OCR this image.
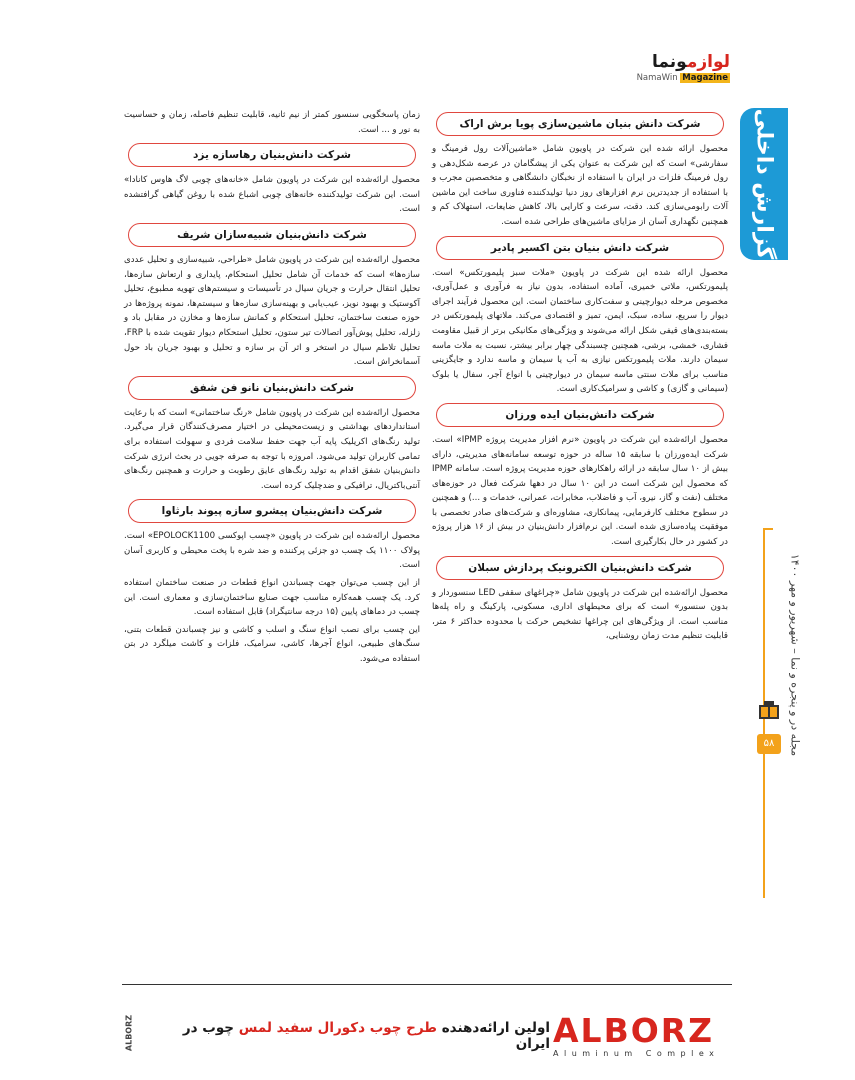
لوازمونما
NamaWin Magazine
گزارش داخلی
مجله در و پنجره و نما – شهریور و مهر ۱۴۰۰
۵۸
شرکت دانش بنیان ماشین‌سازی پویا برش اراک

محصول ارائه شده این شرکت در پاویون شامل «ماشین‌آلات رول فرمینگ و سفارشی» است که این شرکت به عنوان یکی از پیشگامان در عرصه شکل‌دهی و رول فرمینگ فلزات در ایران با استفاده از نخبگان دانشگاهی و متخصصین مجرب و با استفاده از جدیدترین نرم افزارهای روز دنیا تولیدکننده فناوری ساخت این ماشین آلات رابومی‌سازی کند. دقت، سرعت و کارایی بالا، کاهش ضایعات، استهلاک کم و همچنین نگهداری آسان از مزایای ماشین‌های طراحی شده است.

شرکت دانش بنیان بتن اکسیر پادیر

محصول ارائه شده این شرکت در پاویون «ملات سبز پلیمورتکس» است. پلیمورتکس، ملاتی خمیری، آماده استفاده، بدون نیاز به فرآوری و عمل‌آوری، مخصوص مرحله دیوارچینی و سفت‌کاری ساختمان است. این محصول فرآیند اجرای دیوار را سریع، ساده، سبک، ایمن، تمیز و اقتصادی می‌کند. ملاتهای پلیمورتکس در بسته‌بندی‌های قیفی شکل ارائه می‌شوند و ویژگی‌های مکانیکی برتر از قبیل مقاومت فشاری، خمشی، برشی، همچنین چسبندگی چهار برابر بیشتر، نسبت به ملات ماسه سیمان دارند. ملات پلیمورتکس نیازی به آب یا سیمان و ماسه ندارد و جایگزینی مناسب برای ملات سنتی ماسه سیمان در دیوارچینی با انواع آجر، سفال یا بلوک (سیمانی و گازی) و کاشی و سرامیک‌کاری است.

شرکت دانش‌بنیان ایده ورزان

محصول ارائه‌شده این شرکت در پاویون «نرم افزار مدیریت پروژه IPMP» است. شرکت ایده‌ورزان با سابقه ۱۵ ساله در حوزه توسعه سامانه‌های مدیریتی، دارای بیش از ۱۰ سال سابقه در ارائه راهکارهای حوزه مدیریت پروژه است. سامانه IPMP که محصول این شرکت است در این ۱۰ سال در دهها شرکت فعال در حوزه‌های مختلف (نفت و گاز، نیرو، آب و فاضلاب، مخابرات، عمرانی، خدمات و ...) و همچنین در سطوح مختلف کارفرمایی، پیمانکاری، مشاوره‌ای و شرکت‌های صادر تخصصی با موفقیت پیاده‌سازی شده است. این نرم‌افزار دانش‌بنیان در بیش از ۱۶ هزار پروژه در کشور در حال بکارگیری است.

شرکت دانش‌بنیان الکترونیک پردازش سبلان

محصول ارائه‌شده این شرکت در پاویون شامل «چراغهای سقفی LED سنسوردار و بدون سنسور» است که برای محیطهای اداری، مسکونی، پارکینگ و راه پله‌ها مناسب است. از ویژگی‌های این چراغها تشخیص حرکت با محدوده حداکثر ۶ متر، قابلیت تنظیم مدت زمان روشنایی،

زمان پاسخگویی سنسور کمتر از نیم ثانیه، قابلیت تنظیم فاصله، زمان و حساسیت به نور و ... است.

شرکت دانش‌بنیان رهاسازه یزد

محصول ارائه‌شده این شرکت در پاویون شامل «خانه‌های چوبی لاگ هاوس کانادا» است. این شرکت تولیدکننده خانه‌های چوبی اشباع شده با روغن گیاهی گرافتشده است.

شرکت دانش‌بنیان شبیه‌سازان شریف

محصول ارائه‌شده این شرکت در پاویون شامل «طراحی، شبیه‌سازی و تحلیل عددی سازه‌ها» است که خدمات آن شامل تحلیل استحکام، پایداری و ارتعاش سازه‌ها، تحلیل انتقال حرارت و جریان سیال در تأسیسات و سیستم‌های تهویه مطبوع، تحلیل آکوستیک و بهبود نویز، عیب‌یابی و بهینه‌سازی سازه‌ها و سیستم‌ها، نمونه پروژه‌ها در حوزه صنعت ساختمان، تحلیل استحکام و کمانش سازه‌ها و مخازن در مقابل باد و زلزله، تحلیل پوش‌آور اتصالات تیر ستون، تحلیل استحکام دیوار تقویت شده با FRP، تحلیل تلاطم سیال در استخر و اثر آن بر سازه و تحلیل و بهبود جریان باد حول آسمانخراش است.

شرکت دانش‌بنیان نانو فن شفق

محصول ارائه‌شده این شرکت در پاویون شامل «رنگ ساختمانی» است که با رعایت استانداردهای بهداشتی و زیست‌محیطی در اختیار مصرف‌کنندگان قرار می‌گیرد. تولید رنگ‌های اکریلیک پایه آب جهت حفظ سلامت فردی و سهولت استفاده برای تمامی کاربران تولید می‌شود. امروزه با توجه به صرفه جویی در بحث انرژی شرکت دانش‌بنیان شفق اقدام به تولید رنگ‌های عایق رطوبت و حرارت و همچنین رنگ‌های آنتی‌باکتریال، ترافیکی و ضدچلیک کرده است.

شرکت دانش‌بنیان پیشرو سازه پیوند بارثاوا

محصول ارائه‌شده این شرکت در پاویون «چسب اپوکسی EPOLOCK1100» است. پولاک ۱۱۰۰ یک چسب دو جزئی پرکننده و ضد شره با پخت محیطی و کاربری آسان است.

از این چسب می‌توان جهت چسباندن انواع قطعات در صنعت ساختمان استفاده کرد. یک چسب همه‌کاره مناسب جهت صنایع ساختمان‌سازی و معماری است. این چسب در دماهای پایین (۱۵ درجه سانتیگراد) قابل استفاده است.

این چسب برای نصب انواع سنگ و اسلب و کاشی و نیز چسباندن قطعات بتنی، سنگ‌های طبیعی، انواع آجرها، کاشی، سرامیک، فلزات و کاشت میلگرد در بتن استفاده می‌شود.

ALBORZ
Aluminum Complex
اولین ارائه‌دهنده طرح چوب دکورال سفید لمس چوب در ایران
ALBORZ
